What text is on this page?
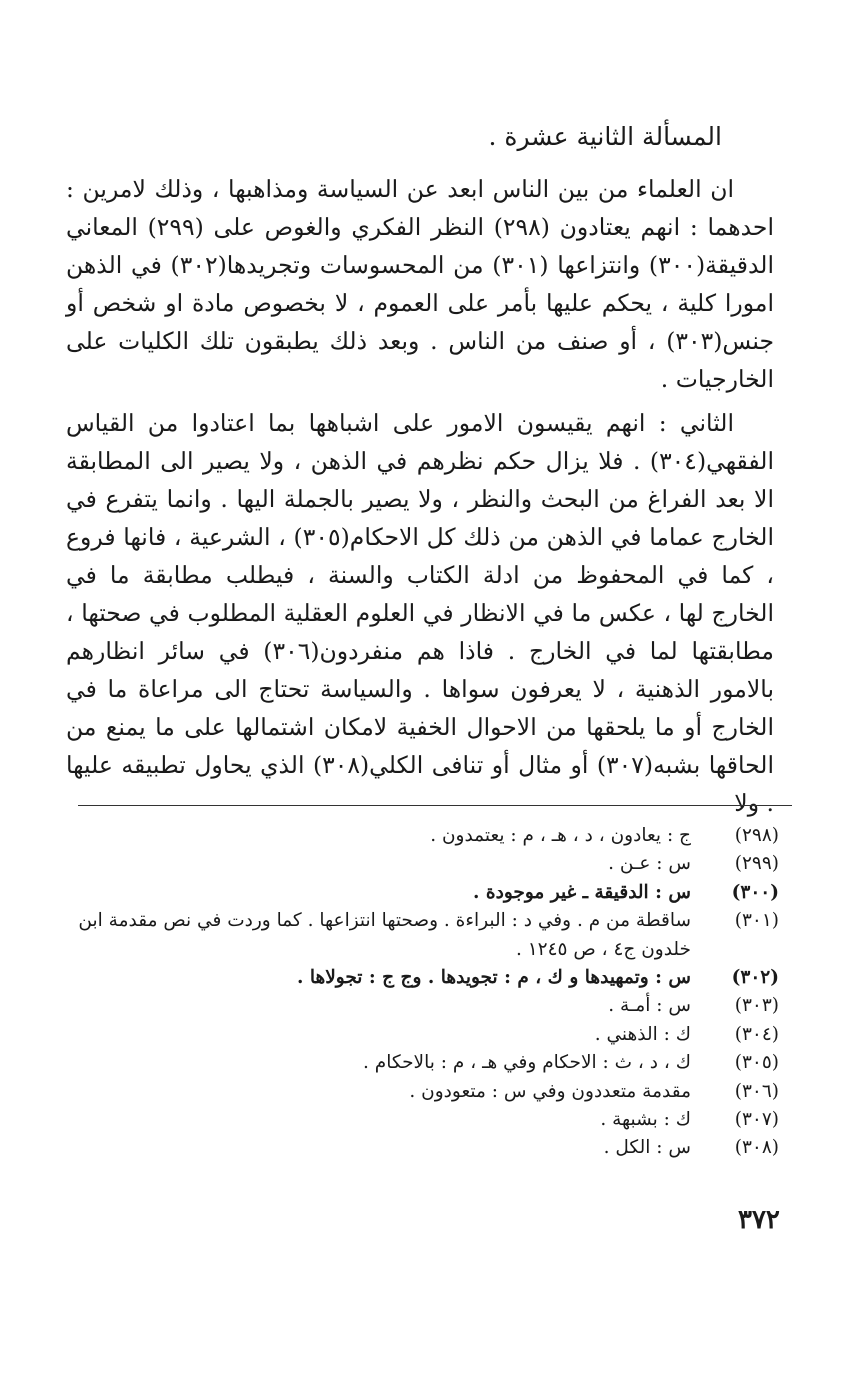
المسألة الثانية عشرة .

ان العلماء من بين الناس ابعد عن السياسة ومذاهبها ، وذلك لامرين : احدهما : انهم يعتادون (٢٩٨) النظر الفكري والغوص على (٢٩٩) المعاني الدقيقة(٣٠٠) وانتزاعها (٣٠١) من المحسوسات وتجريدها(٣٠٢) في الذهن امورا كلية ، يحكم عليها بأمر على العموم ، لا بخصوص مادة او شخص أو جنس(٣٠٣) ، أو صنف من الناس . وبعد ذلك يطبقون تلك الكليات على الخارجيات .

الثاني : انهم يقيسون الامور على اشباهها بما اعتادوا من القياس الفقهي(٣٠٤) . فلا يزال حكم نظرهم في الذهن ، ولا يصير الى المطابقة الا بعد الفراغ من البحث والنظر ، ولا يصير بالجملة اليها . وانما يتفرع في الخارج عماما في الذهن من ذلك كل الاحكام(٣٠٥) ، الشرعية ، فانها فروع ، كما في المحفوظ من ادلة الكتاب والسنة ، فيطلب مطابقة ما في الخارج لها ، عكس ما في الانظار في العلوم العقلية المطلوب في صحتها ، مطابقتها لما في الخارج . فاذا هم منفردون(٣٠٦) في سائر انظارهم بالامور الذهنية ، لا يعرفون سواها . والسياسة تحتاج الى مراعاة ما في الخارج أو ما يلحقها من الاحوال الخفية لامكان اشتمالها على ما يمنع من الحاقها بشبه(٣٠٧) أو مثال أو تنافى الكلي(٣٠٨) الذي يحاول تطبيقه عليها . ولا

(٢٩٨)
ج : يعادون ، د ، هـ ، م : يعتمدون .
(٢٩٩)
س : عـن .
(٣٠٠)
س : الدقيقة ـ غير موجودة .
(٣٠١)
ساقطة من م . وفي د : البراءة . وصحتها انتزاعها . كما وردت في نص مقدمة ابن خلدون ج٤ ، ص ١٢٤٥ .
(٣٠٢)
س : وتمهيدها و ك ، م : تجويدها . وج ج : تجولاها .
(٣٠٣)
س : أمـة .
(٣٠٤)
ك : الذهني .
(٣٠٥)
ك ، د ، ث : الاحكام وفي هـ ، م : بالاحكام .
(٣٠٦)
مقدمة متعددون وفي س : متعودون .
(٣٠٧)
ك : بشبهة .
(٣٠٨)
س : الكل .
٣٧٢
